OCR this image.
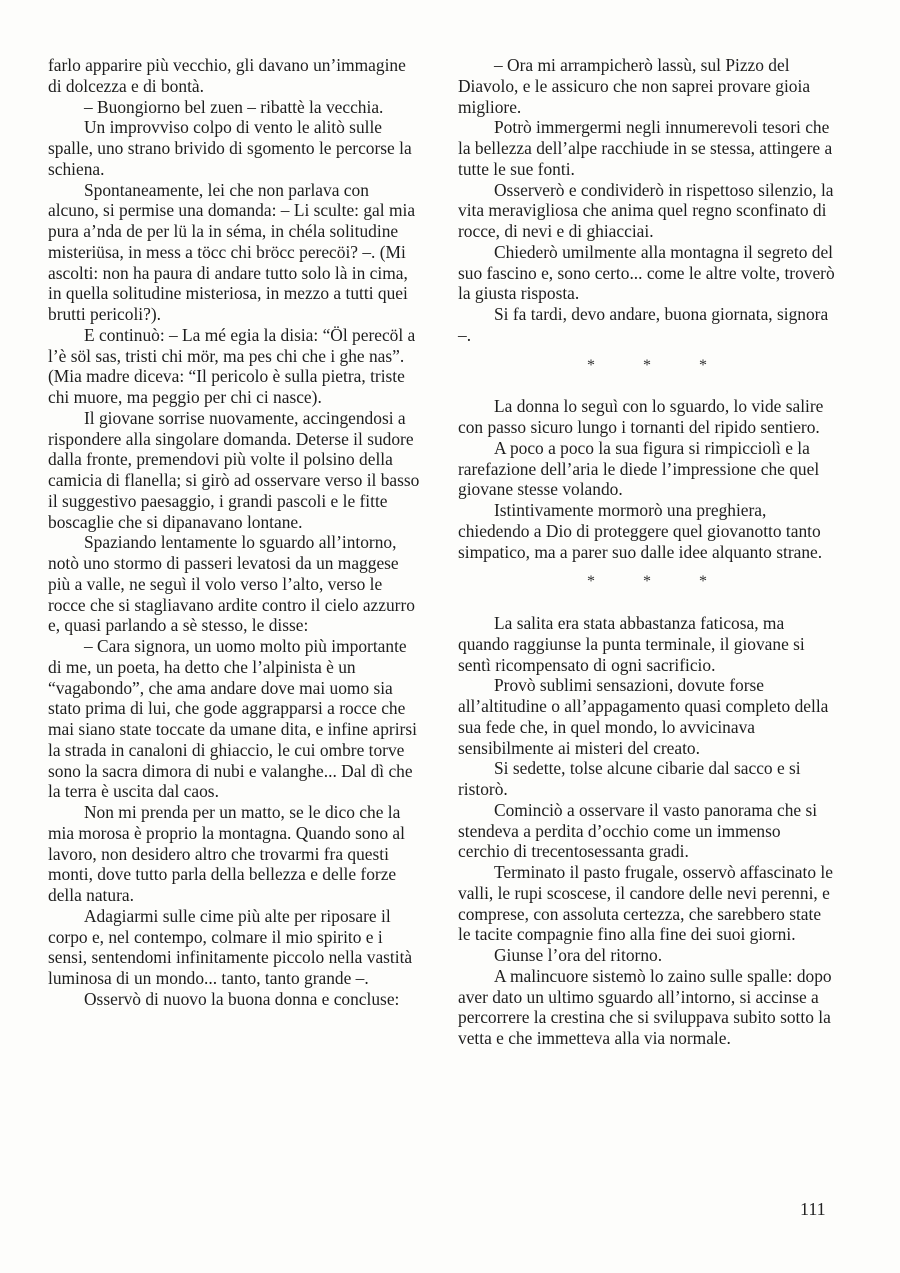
farlo apparire più vecchio, gli davano un’immagine di dolcezza e di bontà.

– Buongiorno bel zuen – ribattè la vecchia.

Un improvviso colpo di vento le alitò sulle spalle, uno strano brivido di sgomento le percorse la schiena.

Spontaneamente, lei che non parlava con alcuno, si permise una domanda: – Li sculte: gal mia pura a’nda de per lü la in séma, in chéla solitudine misteriüsa, in mess a töcc chi bröcc perecöi? –. (Mi ascolti: non ha paura di andare tutto solo là in cima, in quella solitudine misteriosa, in mezzo a tutti quei brutti pericoli?).

E continuò: – La mé egia la disia: “Öl perecöl a l’è söl sas, tristi chi mör, ma pes chi che i ghe nas”. (Mia madre diceva: “Il pericolo è sulla pietra, triste chi muore, ma peggio per chi ci nasce).

Il giovane sorrise nuovamente, accingendosi a rispondere alla singolare domanda. Deterse il sudore dalla fronte, premendovi più volte il polsino della camicia di flanella; si girò ad osservare verso il basso il suggestivo paesaggio, i grandi pascoli e le fitte boscaglie che si dipanavano lontane.

Spaziando lentamente lo sguardo all’intorno, notò uno stormo di passeri levatosi da un maggese più a valle, ne seguì il volo verso l’alto, verso le rocce che si stagliavano ardite contro il cielo azzurro e, quasi parlando a sè stesso, le disse:

– Cara signora, un uomo molto più importante di me, un poeta, ha detto che l’alpinista è un “vagabondo”, che ama andare dove mai uomo sia stato prima di lui, che gode aggrapparsi a rocce che mai siano state toccate da umane dita, e infine aprirsi la strada in canaloni di ghiaccio, le cui ombre torve sono la sacra dimora di nubi e valanghe... Dal dì che la terra è uscita dal caos.

Non mi prenda per un matto, se le dico che la mia morosa è proprio la montagna. Quando sono al lavoro, non desidero altro che trovarmi fra questi monti, dove tutto parla della bellezza e delle forze della natura.

Adagiarmi sulle cime più alte per riposare il corpo e, nel contempo, colmare il mio spirito e i sensi, sentendomi infinitamente piccolo nella vastità luminosa di un mondo... tanto, tanto grande –.

Osservò di nuovo la buona donna e concluse:

– Ora mi arrampicherò lassù, sul Pizzo del Diavolo, e le assicuro che non saprei provare gioia migliore.

Potrò immergermi negli innumerevoli tesori che la bellezza dell’alpe racchiude in se stessa, attingere a tutte le sue fonti.

Osserverò e condividerò in rispettoso silenzio, la vita meravigliosa che anima quel regno sconfinato di rocce, di nevi e di ghiacciai.

Chiederò umilmente alla montagna il segreto del suo fascino e, sono certo... come le altre volte, troverò la giusta risposta.

Si fa tardi, devo andare, buona giornata, signora –.

* * *

La donna lo seguì con lo sguardo, lo vide salire con passo sicuro lungo i tornanti del ripido sentiero.

A poco a poco la sua figura si rimpicciolì e la rarefazione dell’aria le diede l’impressione che quel giovane stesse volando.

Istintivamente mormorò una preghiera, chiedendo a Dio di proteggere quel giovanotto tanto simpatico, ma a parer suo dalle idee alquanto strane.

* * *

La salita era stata abbastanza faticosa, ma quando raggiunse la punta terminale, il giovane si sentì ricompensato di ogni sacrificio.

Provò sublimi sensazioni, dovute forse all’altitudine o all’appagamento quasi completo della sua fede che, in quel mondo, lo avvicinava sensibilmente ai misteri del creato.

Si sedette, tolse alcune cibarie dal sacco e si ristorò.

Cominciò a osservare il vasto panorama che si stendeva a perdita d’occhio come un immenso cerchio di trecentosessanta gradi.

Terminato il pasto frugale, osservò affascinato le valli, le rupi scoscese, il candore delle nevi perenni, e comprese, con assoluta certezza, che sarebbero state le tacite compagnie fino alla fine dei suoi giorni.

Giunse l’ora del ritorno.

A malincuore sistemò lo zaino sulle spalle: dopo aver dato un ultimo sguardo all’intorno, si accinse a percorrere la crestina che si sviluppava subito sotto la vetta e che immetteva alla via normale.

111
